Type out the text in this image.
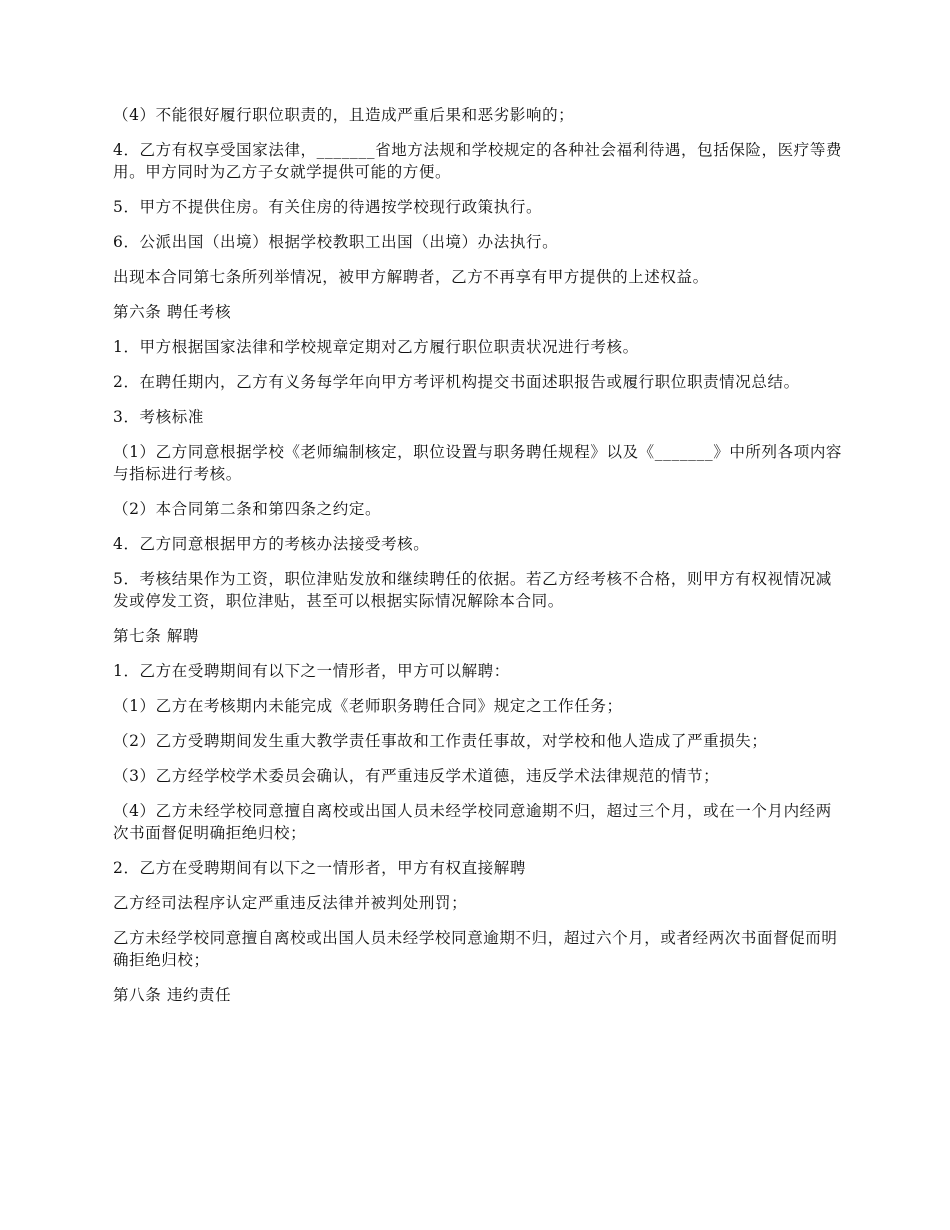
（4）不能很好履行职位职责的，且造成严重后果和恶劣影响的；

4．乙方有权享受国家法律，_______省地方法规和学校规定的各种社会福利待遇，包括保险，医疗等费用。甲方同时为乙方子女就学提供可能的方便。

5．甲方不提供住房。有关住房的待遇按学校现行政策执行。

6．公派出国（出境）根据学校教职工出国（出境）办法执行。

出现本合同第七条所列举情况，被甲方解聘者，乙方不再享有甲方提供的上述权益。

第六条 聘任考核

1．甲方根据国家法律和学校规章定期对乙方履行职位职责状况进行考核。

2．在聘任期内，乙方有义务每学年向甲方考评机构提交书面述职报告或履行职位职责情况总结。

3．考核标准

（1）乙方同意根据学校《老师编制核定，职位设置与职务聘任规程》以及《_______》中所列各项内容与指标进行考核。

（2）本合同第二条和第四条之约定。

4．乙方同意根据甲方的考核办法接受考核。

5．考核结果作为工资，职位津贴发放和继续聘任的依据。若乙方经考核不合格，则甲方有权视情况减发或停发工资，职位津贴，甚至可以根据实际情况解除本合同。

第七条 解聘

1．乙方在受聘期间有以下之一情形者，甲方可以解聘：

（1）乙方在考核期内未能完成《老师职务聘任合同》规定之工作任务；

（2）乙方受聘期间发生重大教学责任事故和工作责任事故，对学校和他人造成了严重损失；

（3）乙方经学校学术委员会确认，有严重违反学术道德，违反学术法律规范的情节；

（4）乙方未经学校同意擅自离校或出国人员未经学校同意逾期不归，超过三个月，或在一个月内经两次书面督促明确拒绝归校；

2．乙方在受聘期间有以下之一情形者，甲方有权直接解聘

乙方经司法程序认定严重违反法律并被判处刑罚；

乙方未经学校同意擅自离校或出国人员未经学校同意逾期不归，超过六个月，或者经两次书面督促而明确拒绝归校；

第八条 违约责任
